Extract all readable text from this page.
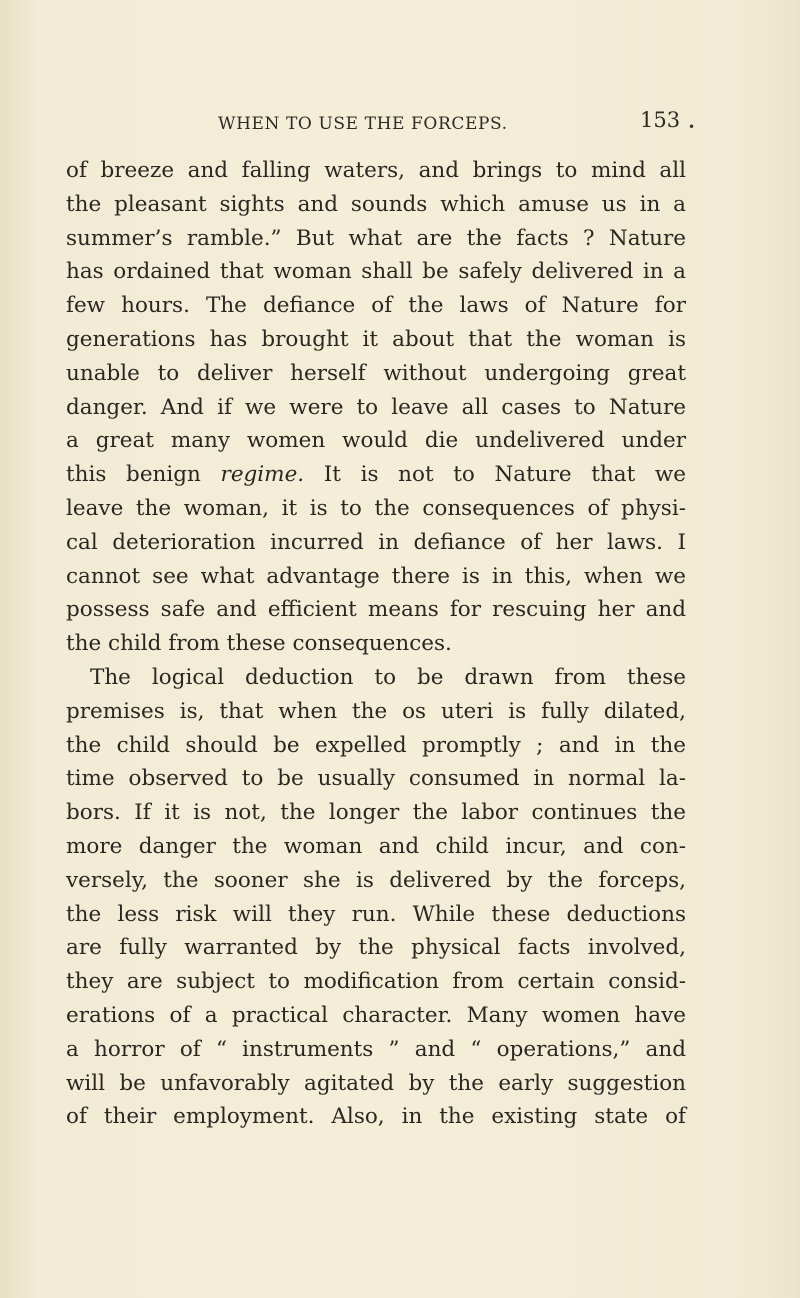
WHEN TO USE THE FORCEPS.	153 •
of breeze and falling waters, and brings to mind all
the pleasant sights and sounds which amuse us in a
summer’s ramble.” But what are the facts ? Nature
has ordained that woman shall be safely delivered in a
few hours. The defiance of the laws of Nature for
generations has brought it about that the woman is
unable to deliver herself without undergoing great
danger. And if we were to leave all cases to Nature
a great many women would die undelivered under
this benign regime. It is not to Nature that we
leave the woman, it is to the consequences of physi-
cal deterioration incurred in defiance of her laws. I
cannot see what advantage there is in this, when we
possess safe and efficient means for rescuing her and
the child from these consequences.
The logical deduction to be drawn from these
premises is, that when the os uteri is fully dilated,
the child should be expelled promptly ; and in the
time observed to be usually consumed in normal la-
bors. If it is not, the longer the labor continues the
more danger the woman and child incur, and con-
versely, the sooner she is delivered by the forceps,
the less risk will they run. While these deductions
are fully warranted by the physical facts involved,
they are subject to modification from certain consid-
erations of a practical character. Many women have
a horror of “ instruments ” and “ operations,” and
will be unfavorably agitated by the early suggestion
of their employment. Also, in the existing state of
